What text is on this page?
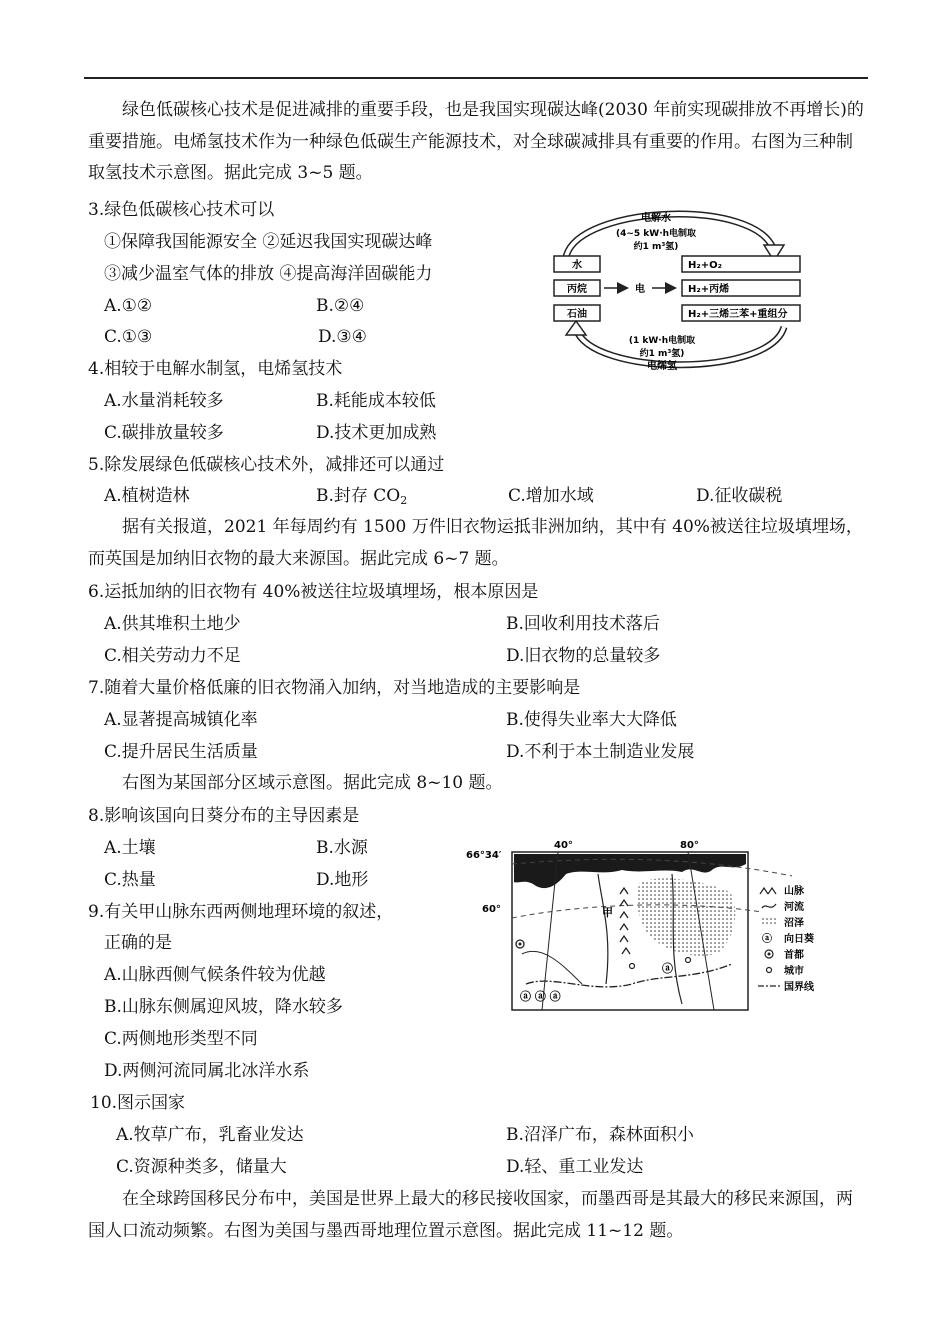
绿色低碳核心技术是促进减排的重要手段，也是我国实现碳达峰(2030 年前实现碳排放不再增长)的重要措施。电烯氢技术作为一种绿色低碳生产能源技术，对全球碳减排具有重要的作用。右图为三种制取氢技术示意图。据此完成 3~5 题。
3.绿色低碳核心技术可以
①保障我国能源安全 ②延迟我国实现碳达峰
③减少温室气体的排放 ④提高海洋固碳能力
A.①②	B.②④
C.①③	D.③④
电解水
(4~5 kW·h电制取
约1 m³氢)
水
丙烷
石油
电
H₂+O₂
H₂+丙烯
H₂+三烯三苯+重组分
(1 kW·h电制取
约1 m³氢)
电烯氢
4.相较于电解水制氢，电烯氢技术
A.水量消耗较多	B.耗能成本较低
C.碳排放量较多	D.技术更加成熟
5.除发展绿色低碳核心技术外，减排还可以通过
A.植树造林	B.封存 $CO_2$	C.增加水域	D.征收碳税
据有关报道，2021 年每周约有 1500 万件旧衣物运抵非洲加纳，其中有 40%被送往垃圾填埋场，而英国是加纳旧衣物的最大来源国。据此完成 6~7 题。
6.运抵加纳的旧衣物有 40%被送往垃圾填埋场，根本原因是
A.供其堆积土地少	B.回收利用技术落后
C.相关劳动力不足	D.旧衣物的总量较多
7.随着大量价格低廉的旧衣物涌入加纳，对当地造成的主要影响是
A.显著提高城镇化率	B.使得失业率大大降低
C.提升居民生活质量	D.不利于本土制造业发展
右图为某国部分区域示意图。据此完成 8~10 题。
8.影响该国向日葵分布的主导因素是
A.土壤	B.水源
C.热量	D.地形
66°34′
60°
40°	80°
甲
ⓐ ⓐ ⓐ
ⓐ
山脉
河流
沼泽
ⓐ 向日葵
首都
城市
国界线
9.有关甲山脉东西两侧地理环境的叙述，
正确的是
A.山脉西侧气候条件较为优越
B.山脉东侧属迎风坡，降水较多
C.两侧地形类型不同
D.两侧河流同属北冰洋水系
10.图示国家
A.牧草广布，乳畜业发达	B.沼泽广布，森林面积小
C.资源种类多，储量大	D.轻、重工业发达
在全球跨国移民分布中，美国是世界上最大的移民接收国家，而墨西哥是其最大的移民来源国，两国人口流动频繁。右图为美国与墨西哥地理位置示意图。据此完成 11~12 题。
